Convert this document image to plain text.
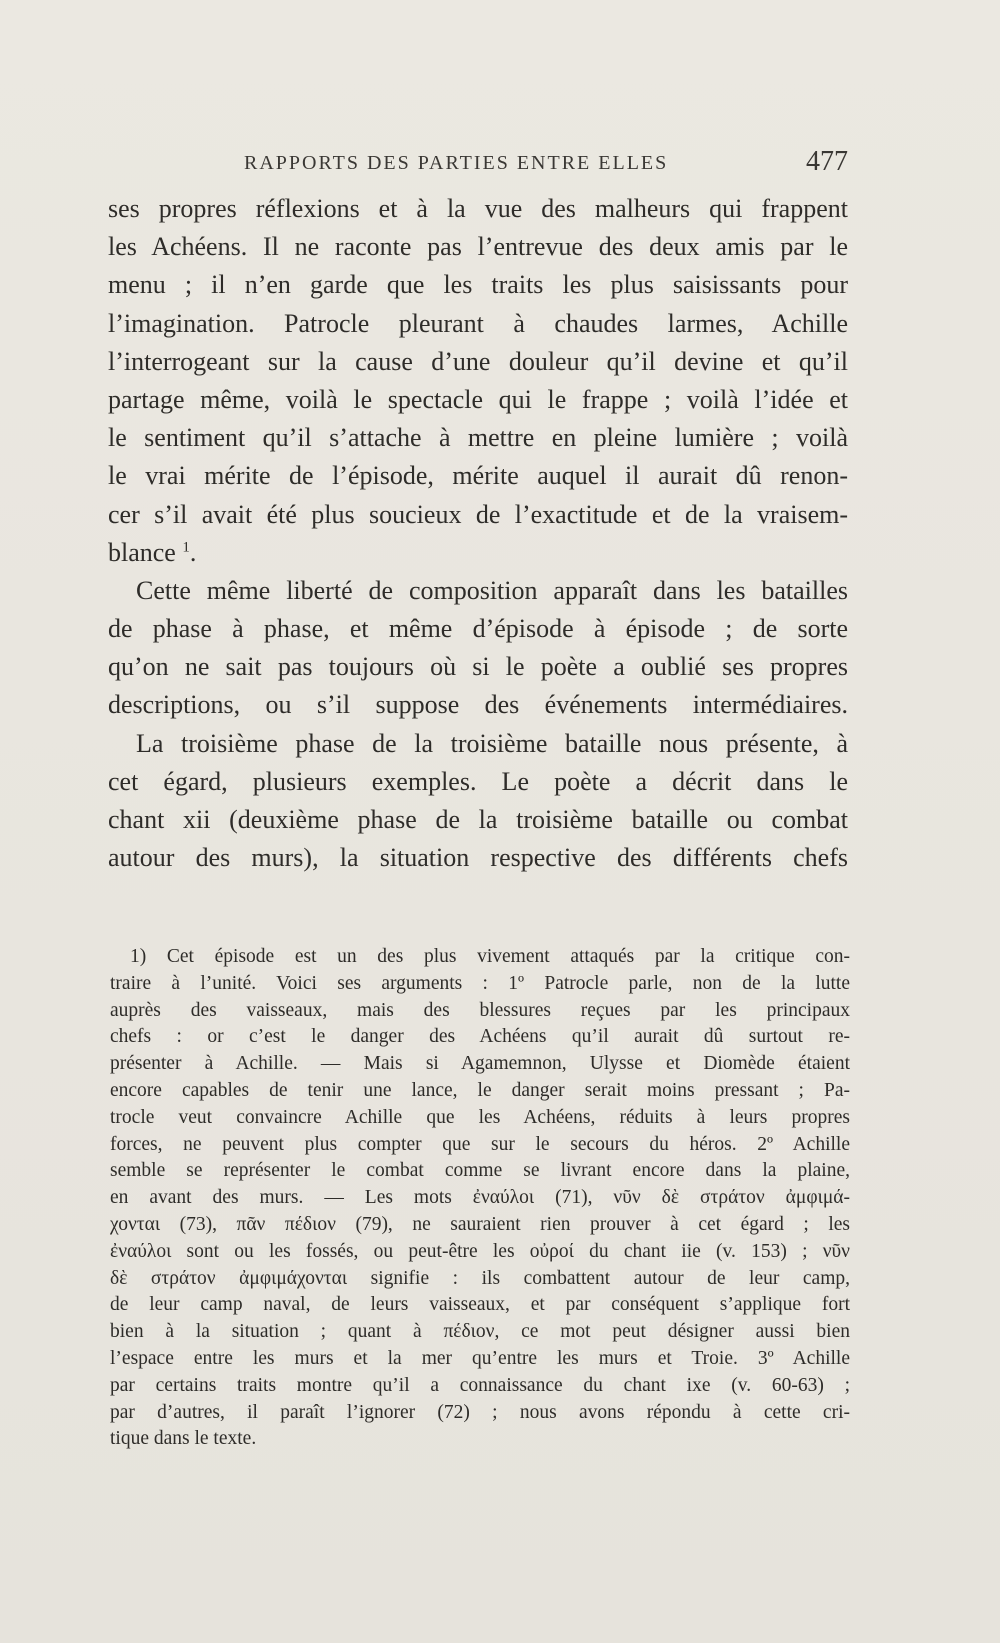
RAPPORTS DES PARTIES ENTRE ELLES	477
ses propres réflexions et à la vue des malheurs qui frappent
les Achéens. Il ne raconte pas l’entrevue des deux amis par le
menu ; il n’en garde que les traits les plus saisissants pour
l’imagination. Patrocle pleurant à chaudes larmes, Achille
l’interrogeant sur la cause d’une douleur qu’il devine et qu’il
partage même, voilà le spectacle qui le frappe ; voilà l’idée et
le sentiment qu’il s’attache à mettre en pleine lumière ; voilà
le vrai mérite de l’épisode, mérite auquel il aurait dû renon-
cer s’il avait été plus soucieux de l’exactitude et de la vraisem-
blance $^1$.
Cette même liberté de composition apparaît dans les batailles
de phase à phase, et même d’épisode à épisode ; de sorte
qu’on ne sait pas toujours où si le poète a oublié ses propres
descriptions, ou s’il suppose des événements intermédiaires.
La troisième phase de la troisième bataille nous présente, à
cet égard, plusieurs exemples. Le poète a décrit dans le
chant xii (deuxième phase de la troisième bataille ou combat
autour des murs), la situation respective des différents chefs
1) Cet épisode est un des plus vivement attaqués par la critique con-
traire à l’unité. Voici ses arguments : 1º Patrocle parle, non de la lutte
auprès des vaisseaux, mais des blessures reçues par les principaux
chefs : or c’est le danger des Achéens qu’il aurait dû surtout re-
présenter à Achille. — Mais si Agamemnon, Ulysse et Diomède étaient
encore capables de tenir une lance, le danger serait moins pressant ; Pa-
trocle veut convaincre Achille que les Achéens, réduits à leurs propres
forces, ne peuvent plus compter que sur le secours du héros. 2º Achille
semble se représenter le combat comme se livrant encore dans la plaine,
en avant des murs. — Les mots ἐναύλοι (71), νῦν δὲ στράτον ἀμφιμά-
χονται (73), πᾶν πέδιον (79), ne sauraient rien prouver à cet égard ; les
ἐναύλοι sont ou les fossés, ou peut-être les οὐροί du chant iie (v. 153) ; νῦν
δὲ στράτον ἀμφιμάχονται signifie : ils combattent autour de leur camp,
de leur camp naval, de leurs vaisseaux, et par conséquent s’applique fort
bien à la situation ; quant à πέδιον, ce mot peut désigner aussi bien
l’espace entre les murs et la mer qu’entre les murs et Troie. 3º Achille
par certains traits montre qu’il a connaissance du chant ixe (v. 60-63) ;
par d’autres, il paraît l’ignorer (72) ; nous avons répondu à cette cri-
tique dans le texte.
